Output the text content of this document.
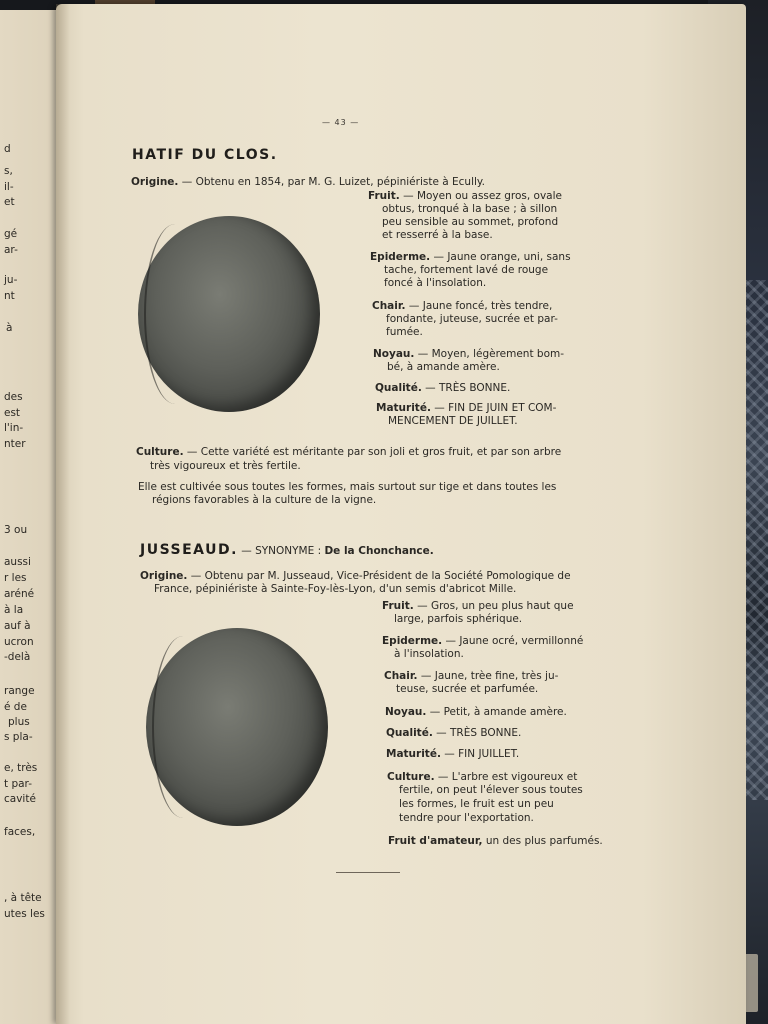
d
s,
il-
et
gé
ar-
ju-
nt
à
des
est
l'in-
nter
3 ou
aussi
r les
aréné
à la
auf à
ucron
-delà
range
é de
plus
s pla-
e, très
t par-
cavité
faces,
, à tête
utes les
— 43 —
HATIF DU CLOS.
Origine. — Obtenu en 1854, par M. G. Luizet, pépiniériste à Ecully.
Fruit. — Moyen ou assez gros, ovale
obtus, tronqué à la base ; à sillon
peu sensible au sommet, profond
et resserré à la base.
Epiderme. — Jaune orange, uni, sans
tache, fortement lavé de rouge
foncé à l'insolation.
Chair. — Jaune foncé, très tendre,
fondante, juteuse, sucrée et par-
fumée.
Noyau. — Moyen, légèrement bom-
bé, à amande amère.
Qualité. — TRÈS BONNE.
Maturité. — FIN DE JUIN ET COM-
MENCEMENT DE JUILLET.
Culture. — Cette variété est méritante par son joli et gros fruit, et par son arbre
très vigoureux et très fertile.
Elle est cultivée sous toutes les formes, mais surtout sur tige et dans toutes les
régions favorables à la culture de la vigne.
JUSSEAUD. — SYNONYME : De la Chonchance.
Origine. — Obtenu par M. Jusseaud, Vice-Président de la Société Pomologique de
France, pépiniériste à Sainte-Foy-lès-Lyon, d'un semis d'abricot Mille.
Fruit. — Gros, un peu plus haut que
large, parfois sphérique.
Epiderme. — Jaune ocré, vermillonné
à l'insolation.
Chair. — Jaune, trèe fine, très ju-
teuse, sucrée et parfumée.
Noyau. — Petit, à amande amère.
Qualité. — TRÈS BONNE.
Maturité. — FIN JUILLET.
Culture. — L'arbre est vigoureux et
fertile, on peut l'élever sous toutes
les formes, le fruit est un peu
tendre pour l'exportation.
Fruit d'amateur, un des plus parfumés.
